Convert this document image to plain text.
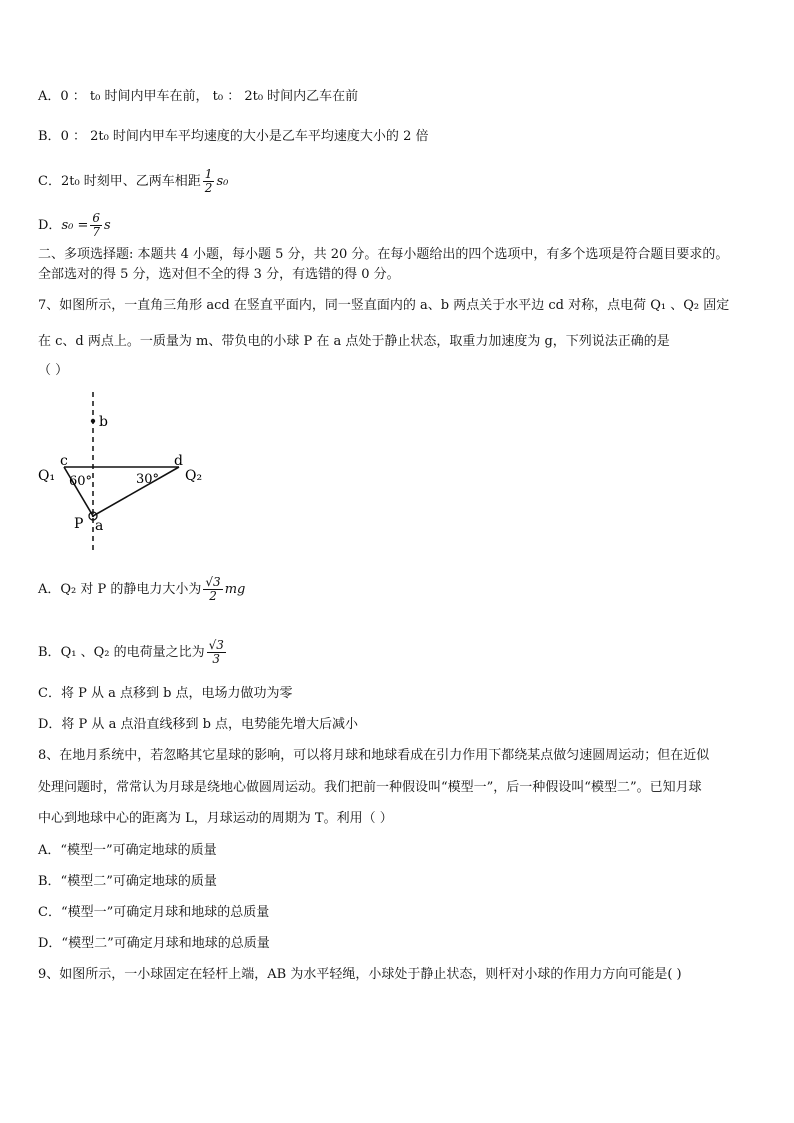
A．0 ： t₀ 时间内甲车在前， t₀ ： 2t₀ 时间内乙车在前
B．0 ： 2t₀ 时间内甲车平均速度的大小是乙车平均速度大小的 2 倍
C．2t₀ 时刻甲、乙两车相距 $\frac{1}{2} s_0$
D．$s_0 = \frac{6}{7}$ s
二、多项选择题: 本题共 4 小题，每小题 5 分，共 20 分。在每小题给出的四个选项中，有多个选项是符合题目要求的。
全部选对的得 5 分，选对但不全的得 3 分，有选错的得 0 分。
7、如图所示，一直角三角形 acd 在竖直平面内，同一竖直面内的 a、b 两点关于水平边 cd 对称，点电荷 Q₁ 、Q₂ 固定
在 c、d 两点上。一质量为 m、带负电的小球 P 在 a 点处于静止状态，取重力加速度为 g，下列说法正确的是
（ ）
b
c	d
Q₁	Q₂
60°	30°
P a
A．Q₂ 对 P 的静电力大小为 $\frac{√3}{2}$ mg
B．Q₁ 、Q₂ 的电荷量之比为 $\frac{√3}{3}$
C．将 P 从 a 点移到 b 点，电场力做功为零
D．将 P 从 a 点沿直线移到 b 点，电势能先增大后减小
8、在地月系统中，若忽略其它星球的影响，可以将月球和地球看成在引力作用下都绕某点做匀速圆周运动；但在近似
处理问题时，常常认为月球是绕地心做圆周运动。我们把前一种假设叫“模型一”，后一种假设叫“模型二”。已知月球
中心到地球中心的距离为 L，月球运动的周期为 T。利用（ ）
A．“模型一”可确定地球的质量
B．“模型二”可确定地球的质量
C．“模型一”可确定月球和地球的总质量
D．“模型二”可确定月球和地球的总质量
9、如图所示，一小球固定在轻杆上端，AB 为水平轻绳，小球处于静止状态，则杆对小球的作用力方向可能是( )
